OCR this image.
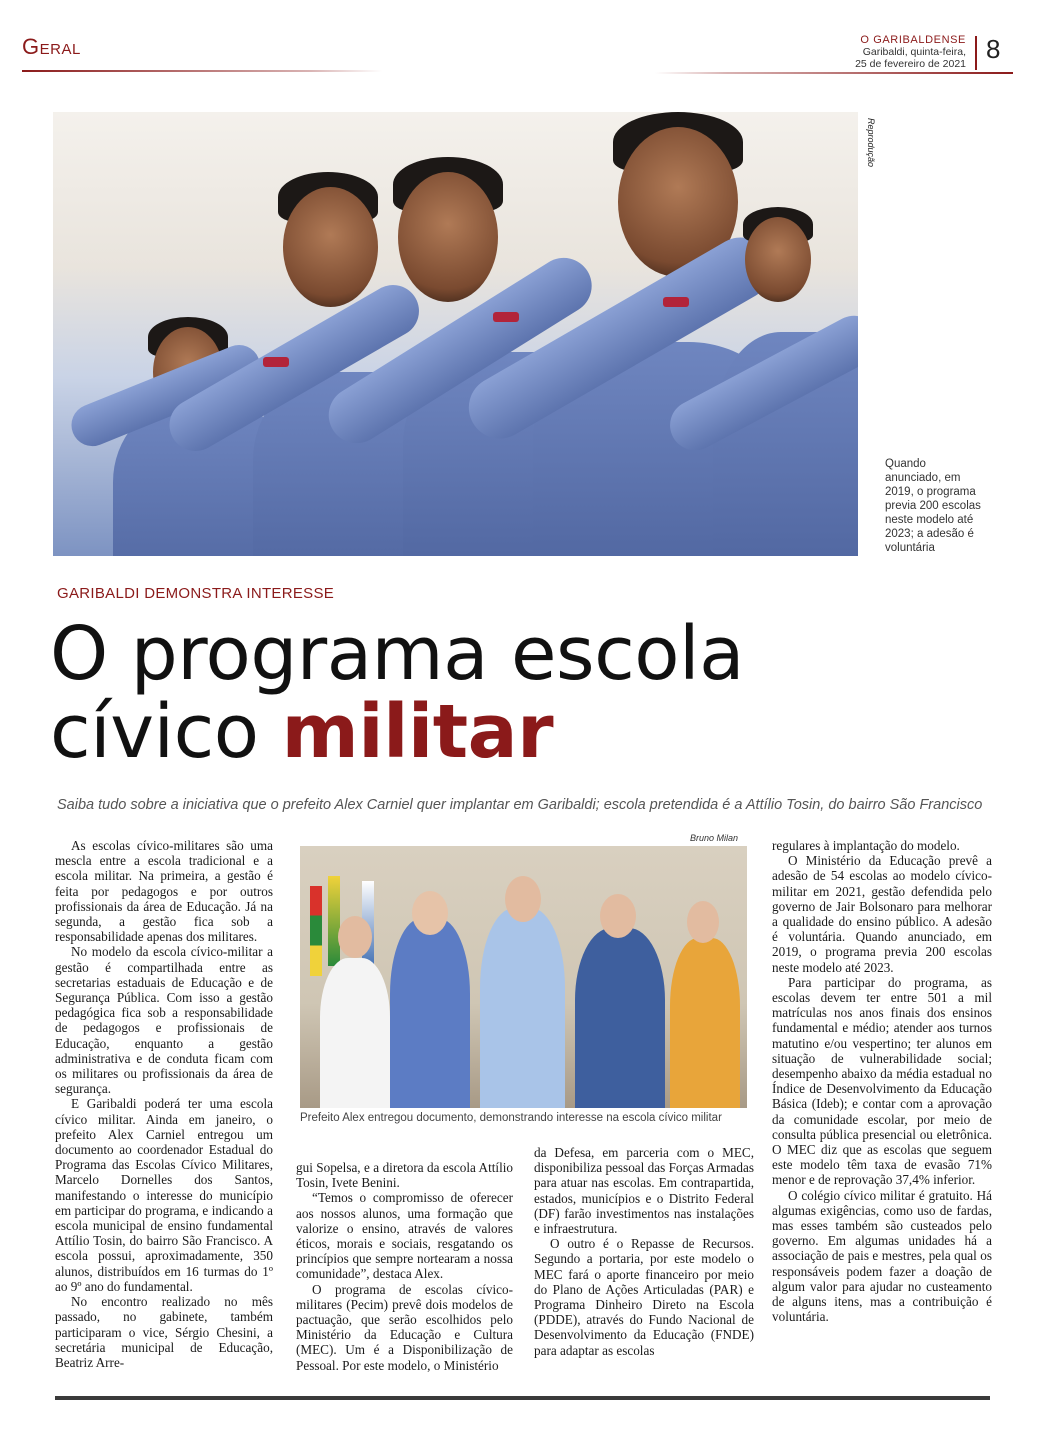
Geral	O GARIBALDENSE
Garibaldi, quinta-feira,
25 de fevereiro de 2021 8
Reprodução
Quando anunciado, em 2019, o programa previa 200 escolas neste modelo até 2023; a adesão é voluntária
GARIBALDI DEMONSTRA INTERESSE
O programa escola
cívico militar
Saiba tudo sobre a iniciativa que o prefeito Alex Carniel quer implantar em Garibaldi; escola pretendida é a Attílio Tosin, do bairro São Francisco

As escolas cívico-militares são uma mescla entre a escola tradicional e a escola militar. Na primeira, a gestão é feita por pedagogos e por outros profissionais da área de Educação. Já na segunda, a gestão fica sob a responsabilidade apenas dos militares.

No modelo da escola cívico-militar a gestão é compartilhada entre as secretarias estaduais de Educação e de Segurança Pública. Com isso a gestão pedagógica fica sob a responsabilidade de pedagogos e profissionais de Educação, enquanto a gestão administrativa e de conduta ficam com os militares ou profissionais da área de segurança.

E Garibaldi poderá ter uma escola cívico militar. Ainda em janeiro, o prefeito Alex Carniel entregou um documento ao coordenador Estadual do Programa das Escolas Cívico Militares, Marcelo Dornelles dos Santos, manifestando o interesse do município em participar do programa, e indicando a escola municipal de ensino fundamental Attílio Tosin, do bairro São Francisco. A escola possui, aproximadamente, 350 alunos, distribuídos em 16 turmas do 1º ao 9º ano do fundamental.

No encontro realizado no mês passado, no gabinete, também participaram o vice, Sérgio Chesini, a secretária municipal de Educação, Beatriz Arre-

Bruno Milan
Prefeito Alex entregou documento, demonstrando interesse na escola cívico militar

gui Sopelsa, e a diretora da escola Attílio Tosin, Ivete Benini.

“Temos o compromisso de oferecer aos nossos alunos, uma formação que valorize o ensino, através de valores éticos, morais e sociais, resgatando os princípios que sempre nortearam a nossa comunidade”, destaca Alex.

O programa de escolas cívico-militares (Pecim) prevê dois modelos de pactuação, que serão escolhidos pelo Ministério da Educação e Cultura (MEC). Um é a Disponibilização de Pessoal. Por este modelo, o Ministério

da Defesa, em parceria com o MEC, disponibiliza pessoal das Forças Armadas para atuar nas escolas. Em contrapartida, estados, municípios e o Distrito Federal (DF) farão investimentos nas instalações e infraestrutura.

O outro é o Repasse de Recursos. Segundo a portaria, por este modelo o MEC fará o aporte financeiro por meio do Plano de Ações Articuladas (PAR) e Programa Dinheiro Direto na Escola (PDDE), através do Fundo Nacional de Desenvolvimento da Educação (FNDE) para adaptar as escolas

regulares à implantação do modelo.

O Ministério da Educação prevê a adesão de 54 escolas ao modelo cívico-militar em 2021, gestão defendida pelo governo de Jair Bolsonaro para melhorar a qualidade do ensino público. A adesão é voluntária. Quando anunciado, em 2019, o programa previa 200 escolas neste modelo até 2023.

Para participar do programa, as escolas devem ter entre 501 a mil matrículas nos anos finais dos ensinos fundamental e médio; atender aos turnos matutino e/ou vespertino; ter alunos em situação de vulnerabilidade social; desempenho abaixo da média estadual no Índice de Desenvolvimento da Educação Básica (Ideb); e contar com a aprovação da comunidade escolar, por meio de consulta pública presencial ou eletrônica. O MEC diz que as escolas que seguem este modelo têm taxa de evasão 71% menor e de reprovação 37,4% inferior.

O colégio cívico militar é gratuito. Há algumas exigências, como uso de fardas, mas esses também são custeados pelo governo. Em algumas unidades há a associação de pais e mestres, pela qual os responsáveis podem fazer a doação de algum valor para ajudar no custeamento de alguns itens, mas a contribuição é voluntária.
